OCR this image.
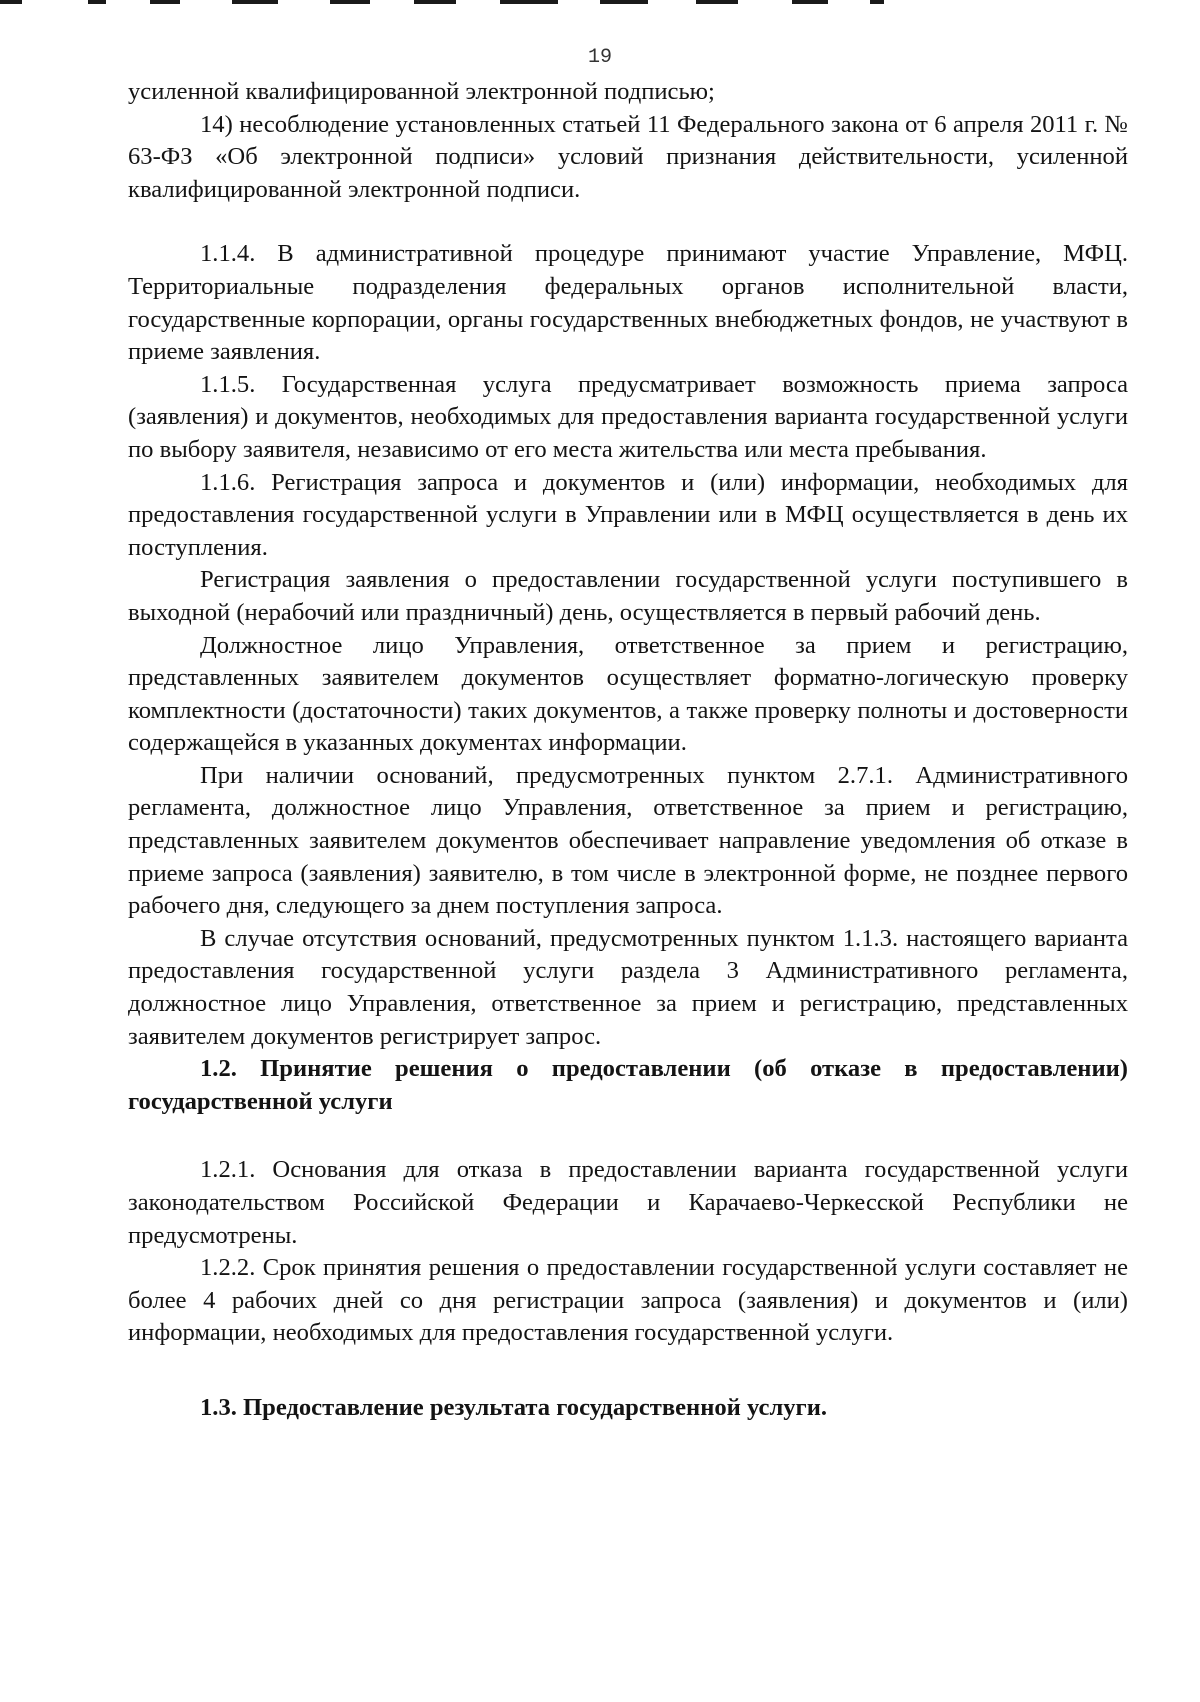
19

усиленной квалифицированной электронной подписью;

14) несоблюдение установленных статьей 11 Федерального закона от 6 апреля 2011 г. № 63-ФЗ «Об электронной подписи» условий признания действительности, усиленной квалифицированной электронной подписи.

1.1.4. В административной процедуре принимают участие Управление, МФЦ. Территориальные подразделения федеральных органов исполнительной власти, государственные корпорации, органы государственных внебюджетных фондов, не участвуют в приеме заявления.

1.1.5. Государственная услуга предусматривает возможность приема запроса (заявления) и документов, необходимых для предоставления варианта государственной услуги по выбору заявителя, независимо от его места жительства или места пребывания.

1.1.6. Регистрация запроса и документов и (или) информации, необходимых для предоставления государственной услуги в Управлении или в МФЦ осуществляется в день их поступления.

Регистрация заявления о предоставлении государственной услуги поступившего в выходной (нерабочий или праздничный) день, осуществляется в первый рабочий день.

Должностное лицо Управления, ответственное за прием и регистрацию, представленных заявителем документов осуществляет форматно-логическую проверку комплектности (достаточности) таких документов, а также проверку полноты и достоверности содержащейся в указанных документах информации.

При наличии оснований, предусмотренных пунктом 2.7.1. Административного регламента, должностное лицо Управления, ответственное за прием и регистрацию, представленных заявителем документов обеспечивает направление уведомления об отказе в приеме запроса (заявления) заявителю, в том числе в электронной форме, не позднее первого рабочего дня, следующего за днем поступления запроса.

В случае отсутствия оснований, предусмотренных пунктом 1.1.3. настоящего варианта предоставления государственной услуги раздела 3 Административного регламента, должностное лицо Управления, ответственное за прием и регистрацию, представленных заявителем документов регистрирует запрос.

1.2. Принятие решения о предоставлении (об отказе в предоставлении) государственной услуги

1.2.1. Основания для отказа в предоставлении варианта государственной услуги законодательством Российской Федерации и Карачаево-Черкесской Республики не предусмотрены.

1.2.2. Срок принятия решения о предоставлении государственной услуги составляет не более 4 рабочих дней со дня регистрации запроса (заявления) и документов и (или) информации, необходимых для предоставления государственной услуги.

1.3. Предоставление результата государственной услуги.
